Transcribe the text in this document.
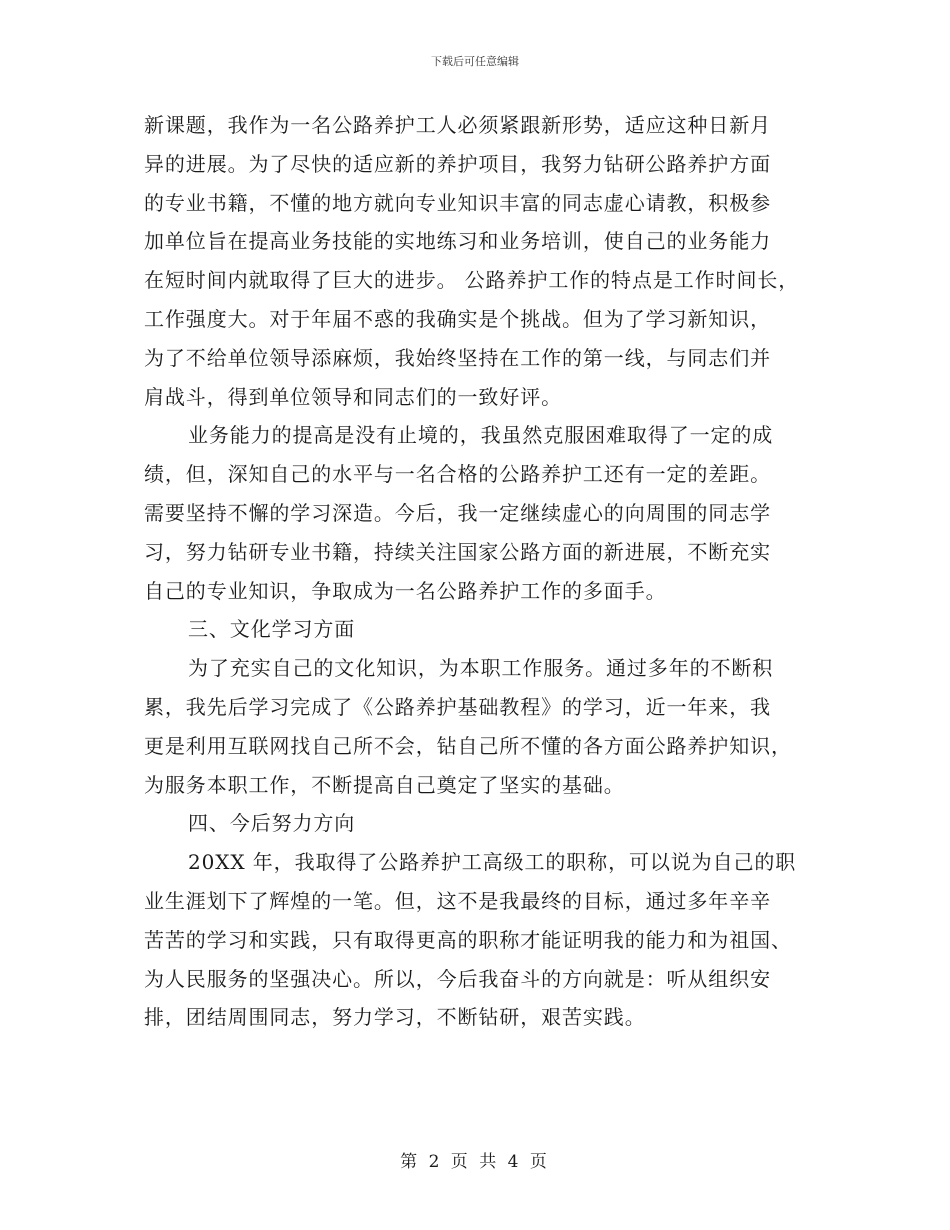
下载后可任意编辑
新课题，我作为一名公路养护工人必须紧跟新形势，适应这种日新月
异的进展。为了尽快的适应新的养护项目，我努力钻研公路养护方面
的专业书籍，不懂的地方就向专业知识丰富的同志虚心请教，积极参
加单位旨在提高业务技能的实地练习和业务培训，使自己的业务能力
在短时间内就取得了巨大的进步。 公路养护工作的特点是工作时间长，
工作强度大。对于年届不惑的我确实是个挑战。但为了学习新知识，
为了不给单位领导添麻烦，我始终坚持在工作的第一线，与同志们并
肩战斗，得到单位领导和同志们的一致好评。
业务能力的提高是没有止境的，我虽然克服困难取得了一定的成
绩，但，深知自己的水平与一名合格的公路养护工还有一定的差距。
需要坚持不懈的学习深造。今后，我一定继续虚心的向周围的同志学
习，努力钻研专业书籍，持续关注国家公路方面的新进展，不断充实
自己的专业知识，争取成为一名公路养护工作的多面手。
三、文化学习方面
为了充实自己的文化知识，为本职工作服务。通过多年的不断积
累，我先后学习完成了《公路养护基础教程》的学习，近一年来，我
更是利用互联网找自己所不会，钻自己所不懂的各方面公路养护知识，
为服务本职工作，不断提高自己奠定了坚实的基础。
四、今后努力方向
20XX 年，我取得了公路养护工高级工的职称，可以说为自己的职
业生涯划下了辉煌的一笔。但，这不是我最终的目标，通过多年辛辛
苦苦的学习和实践，只有取得更高的职称才能证明我的能力和为祖国、
为人民服务的坚强决心。所以，今后我奋斗的方向就是：听从组织安
排，团结周围同志，努力学习，不断钻研，艰苦实践。
第 2 页 共 4 页
